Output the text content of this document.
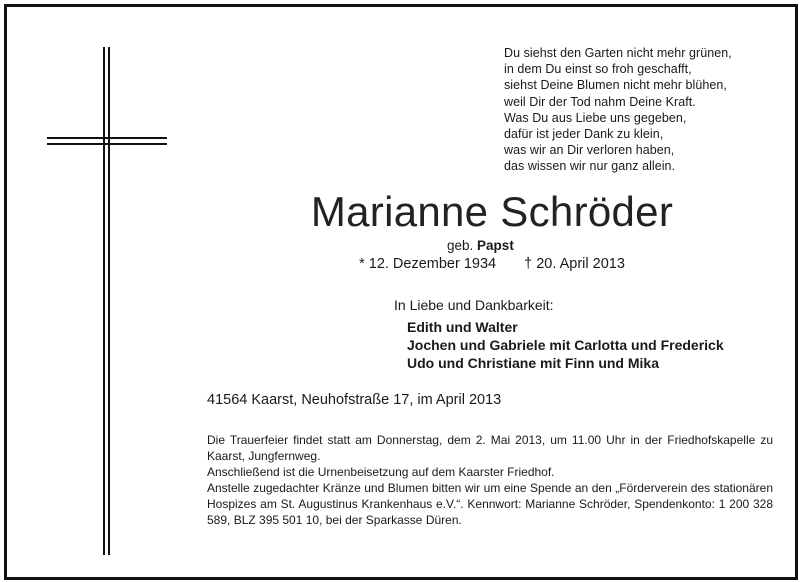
Du siehst den Garten nicht mehr grünen,
in dem Du einst so froh geschafft,
siehst Deine Blumen nicht mehr blühen,
weil Dir der Tod nahm Deine Kraft.
Was Du aus Liebe uns gegeben,
dafür ist jeder Dank zu klein,
was wir an Dir verloren haben,
das wissen wir nur ganz allein.
Marianne Schröder
geb. Papst
* 12. Dezember 1934 † 20. April 2013
In Liebe und Dankbarkeit:
Edith und Walter
Jochen und Gabriele mit Carlotta und Frederick
Udo und Christiane mit Finn und Mika
41564 Kaarst, Neuhofstraße 17, im April 2013

Die Trauerfeier findet statt am Donnerstag, dem 2. Mai 2013, um 11.00 Uhr in der Friedhofskapelle zu Kaarst, Jungfernweg.

Anschließend ist die Urnenbeisetzung auf dem Kaarster Friedhof.

Anstelle zugedachter Kränze und Blumen bitten wir um eine Spende an den „Förderverein des stationären Hospizes am St. Augustinus Krankenhaus e.V.“. Kennwort: Marianne Schröder, Spendenkonto: 1 200 328 589, BLZ 395 501 10, bei der Sparkasse Düren.
